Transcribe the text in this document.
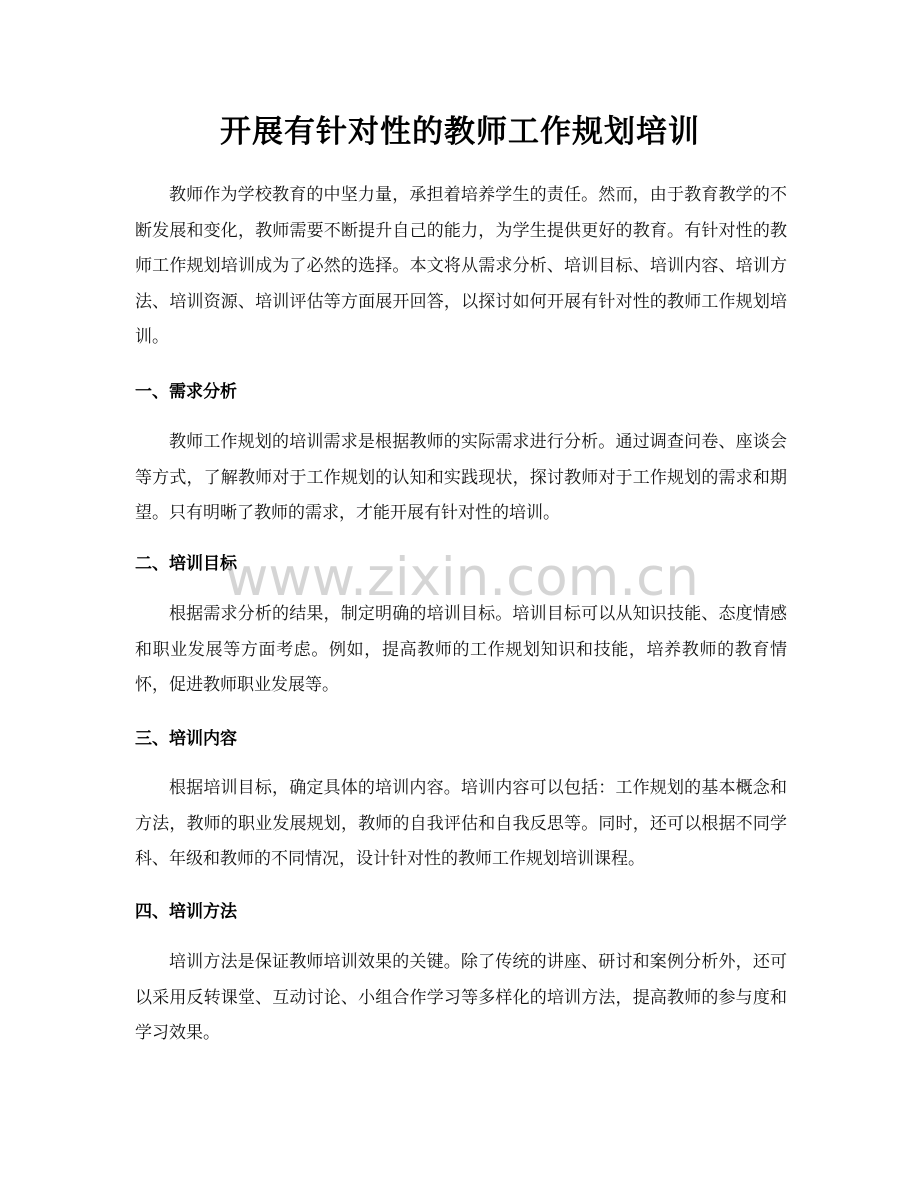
开展有针对性的教师工作规划培训

教师作为学校教育的中坚力量，承担着培养学生的责任。然而，由于教育教学的不断发展和变化，教师需要不断提升自己的能力，为学生提供更好的教育。有针对性的教师工作规划培训成为了必然的选择。本文将从需求分析、培训目标、培训内容、培训方法、培训资源、培训评估等方面展开回答，以探讨如何开展有针对性的教师工作规划培训。

一、需求分析

教师工作规划的培训需求是根据教师的实际需求进行分析。通过调查问卷、座谈会等方式，了解教师对于工作规划的认知和实践现状，探讨教师对于工作规划的需求和期望。只有明晰了教师的需求，才能开展有针对性的培训。

二、培训目标

根据需求分析的结果，制定明确的培训目标。培训目标可以从知识技能、态度情感和职业发展等方面考虑。例如，提高教师的工作规划知识和技能，培养教师的教育情怀，促进教师职业发展等。

三、培训内容

根据培训目标，确定具体的培训内容。培训内容可以包括：工作规划的基本概念和方法，教师的职业发展规划，教师的自我评估和自我反思等。同时，还可以根据不同学科、年级和教师的不同情况，设计针对性的教师工作规划培训课程。

四、培训方法

培训方法是保证教师培训效果的关键。除了传统的讲座、研讨和案例分析外，还可以采用反转课堂、互动讨论、小组合作学习等多样化的培训方法，提高教师的参与度和学习效果。

www.zixin.com.cn
